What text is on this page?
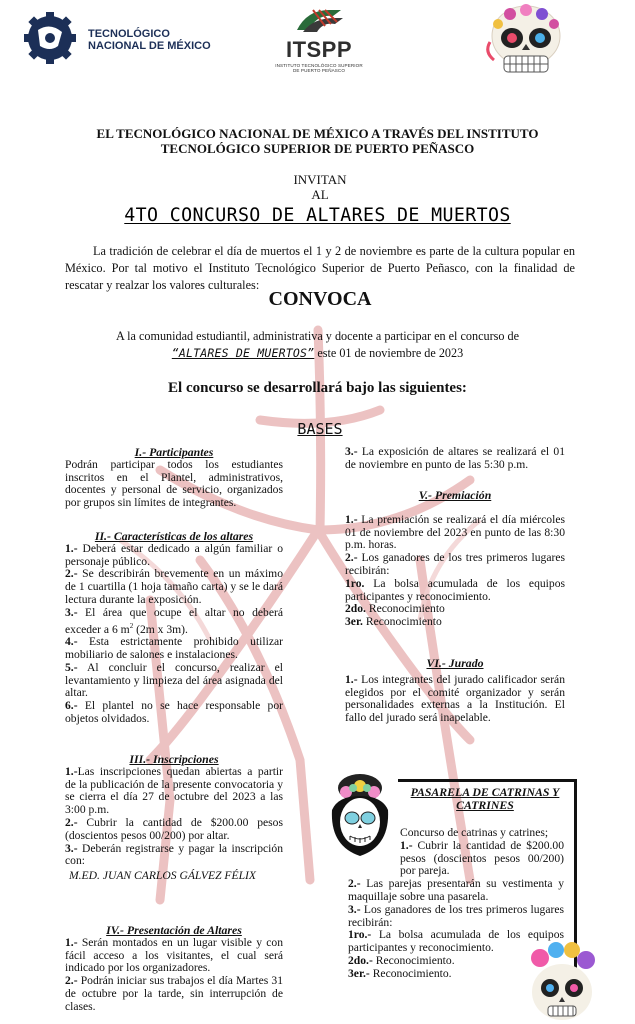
TECNOLÓGICO
NACIONAL DE MÉXICO	ITSPP
INSTITUTO TECNOLÓGICO SUPERIOR
DE PUERTO PEÑASCO
EL TECNOLÓGICO NACIONAL DE MÉXICO A TRAVÉS DEL INSTITUTO
TECNOLÓGICO SUPERIOR DE PUERTO PEÑASCO
INVITAN
AL
4TO CONCURSO DE ALTARES DE MUERTOS
La tradición de celebrar el día de muertos el 1 y 2 de noviembre es parte de la cultura popular en México. Por tal motivo el Instituto Tecnológico Superior de Puerto Peñasco, con la finalidad de rescatar y realzar los valores culturales:
CONVOCA
A la comunidad estudiantil, administrativa y docente a participar en el concurso de
“ALTARES DE MUERTOS” este 01 de noviembre de 2023
El concurso se desarrollará bajo las siguientes:
BASES
I.- Participantes

Podrán participar todos los estudiantes inscritos en el Plantel, administrativos, docentes y personal de servicio, organizados por grupos sin límites de integrantes.

II.- Características de los altares

1.- Deberá estar dedicado a algún familiar o personaje público.

2.- Se describirán brevemente en un máximo de 1 cuartilla (1 hoja tamaño carta) y se le dará lectura durante la exposición.

3.- El área que ocupe el altar no deberá exceder a 6 $m^2$ (2m x 3m).

4.- Esta estrictamente prohibido utilizar mobiliario de salones e instalaciones.

5.- Al concluir el concurso, realizar el levantamiento y limpieza del área asignada del altar.

6.- El plantel no se hace responsable por objetos olvidados.

III.- Inscripciones

1.-Las inscripciones quedan abiertas a partir de la publicación de la presente convocatoria y se cierra el día 27 de octubre del 2023 a las 3:00 p.m.

2.- Cubrir la cantidad de $200.00 pesos (doscientos pesos 00/200) por altar.

3.- Deberán registrarse y pagar la inscripción con:

M.ED. JUAN CARLOS GÁLVEZ FÉLIX

IV.- Presentación de Altares

1.- Serán montados en un lugar visible y con fácil acceso a los visitantes, el cual será indicado por los organizadores.

2.- Podrán iniciar sus trabajos el día Martes 31 de octubre por la tarde, sin interrupción de clases.

3.- La exposición de altares se realizará el 01 de noviembre en punto de las 5:30 p.m.

V.- Premiación

1.- La premiación se realizará el día miércoles 01 de noviembre del 2023 en punto de las 8:30 p.m. horas.

2.- Los ganadores de los tres primeros lugares recibirán:

1ro. La bolsa acumulada de los equipos participantes y reconocimiento.

2do. Reconocimiento

3er. Reconocimiento

VI.- Jurado

1.- Los integrantes del jurado calificador serán elegidos por el comité organizador y serán personalidades externas a la Institución. El fallo del jurado será inapelable.

PASARELA DE CATRINAS Y CATRINES

Concurso de catrinas y catrines;

1.- Cubrir la cantidad de $200.00 pesos (doscientos pesos 00/200) por pareja.

2.- Las parejas presentarán su vestimenta y maquillaje sobre una pasarela.

3.- Los ganadores de los tres primeros lugares recibirán:

1ro.- La bolsa acumulada de los equipos participantes y reconocimiento.

2do.- Reconocimiento.

3er.- Reconocimiento.
